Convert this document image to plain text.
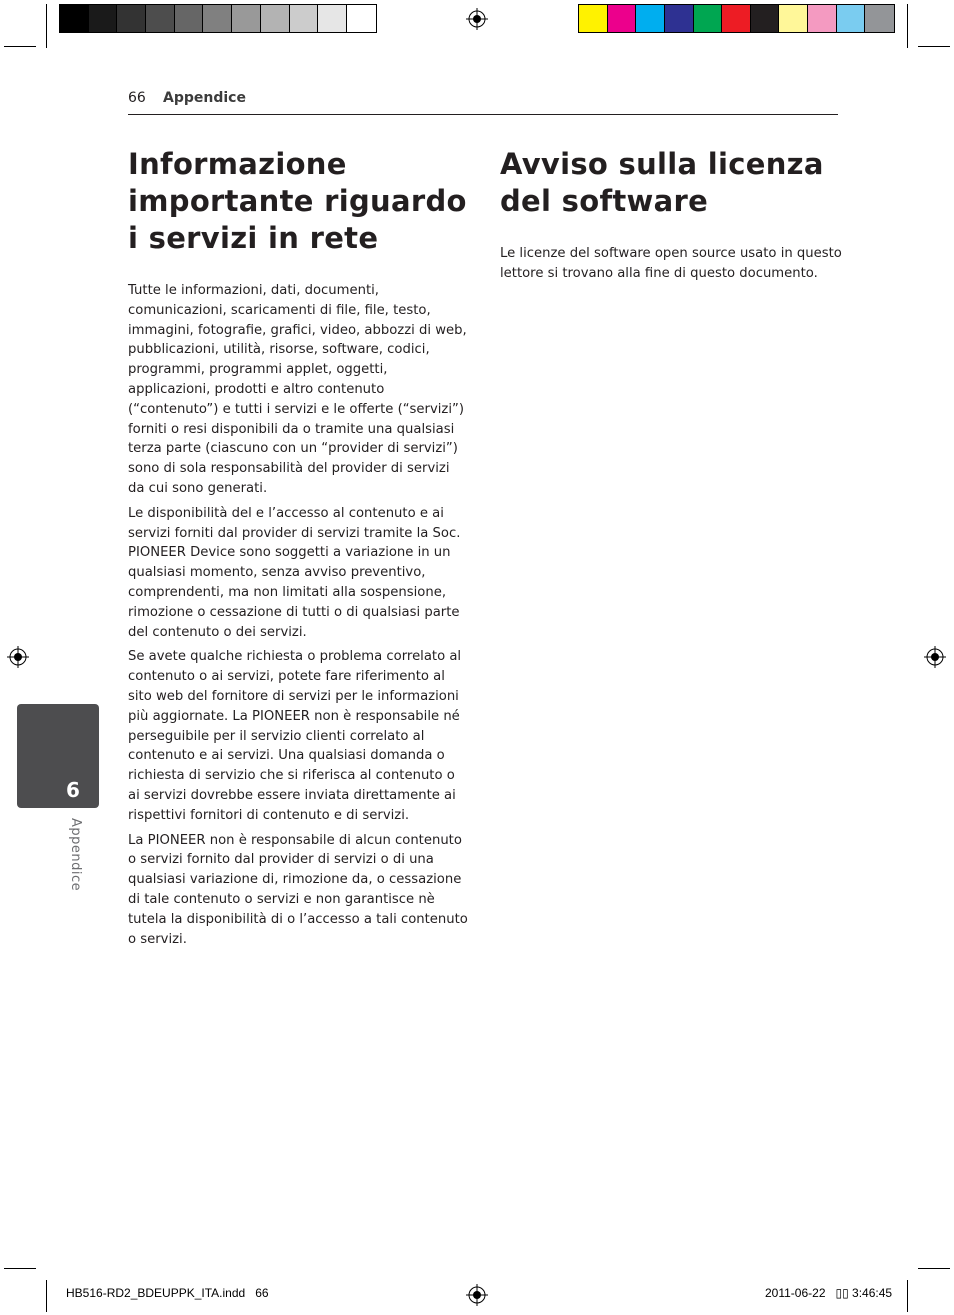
66 Appendice
Informazione importante riguardo i servizi in rete
Avviso sulla licenza del software

Tutte le informazioni, dati, documenti, comunicazioni, scaricamenti di file, file, testo, immagini, fotografie, grafici, video, abbozzi di web, pubblicazioni, utilità, risorse, software, codici, programmi, programmi applet, oggetti, applicazioni, prodotti e altro contenuto (“contenuto”) e tutti i servizi e le offerte (“servizi”) forniti o resi disponibili da o tramite una qualsiasi terza parte (ciascuno con un “provider di servizi”) sono di sola responsabilità del provider di servizi da cui sono generati.

Le disponibilità del e l’accesso al contenuto e ai servizi forniti dal provider di servizi tramite la Soc. PIONEER Device sono soggetti a variazione in un qualsiasi momento, senza avviso preventivo, comprendenti, ma non limitati alla sospensione, rimozione o cessazione di tutti o di qualsiasi parte del contenuto o dei servizi.

Se avete qualche richiesta o problema correlato al contenuto o ai servizi, potete fare riferimento al sito web del fornitore di servizi per le informazioni più aggiornate. La PIONEER non è responsabile né perseguibile per il servizio clienti correlato al contenuto e ai servizi. Una qualsiasi domanda o richiesta di servizio che si riferisca al contenuto o ai servizi dovrebbe essere inviata direttamente ai rispettivi fornitori di contenuto e di servizi.

La PIONEER non è responsabile di alcun contenuto o servizi fornito dal provider di servizi o di una qualsiasi variazione di, rimozione da, o cessazione di tale contenuto o servizi e non garantisce nè tutela la disponibilità di o l’accesso a tali contenuto o servizi.

Le licenze del software open source usato in questo lettore si trovano alla fine di questo documento.

6
Appendice
HB516-RD2_BDEUPPK_ITA.indd   66	2011-06-22   ▯▯ 3:46:45
